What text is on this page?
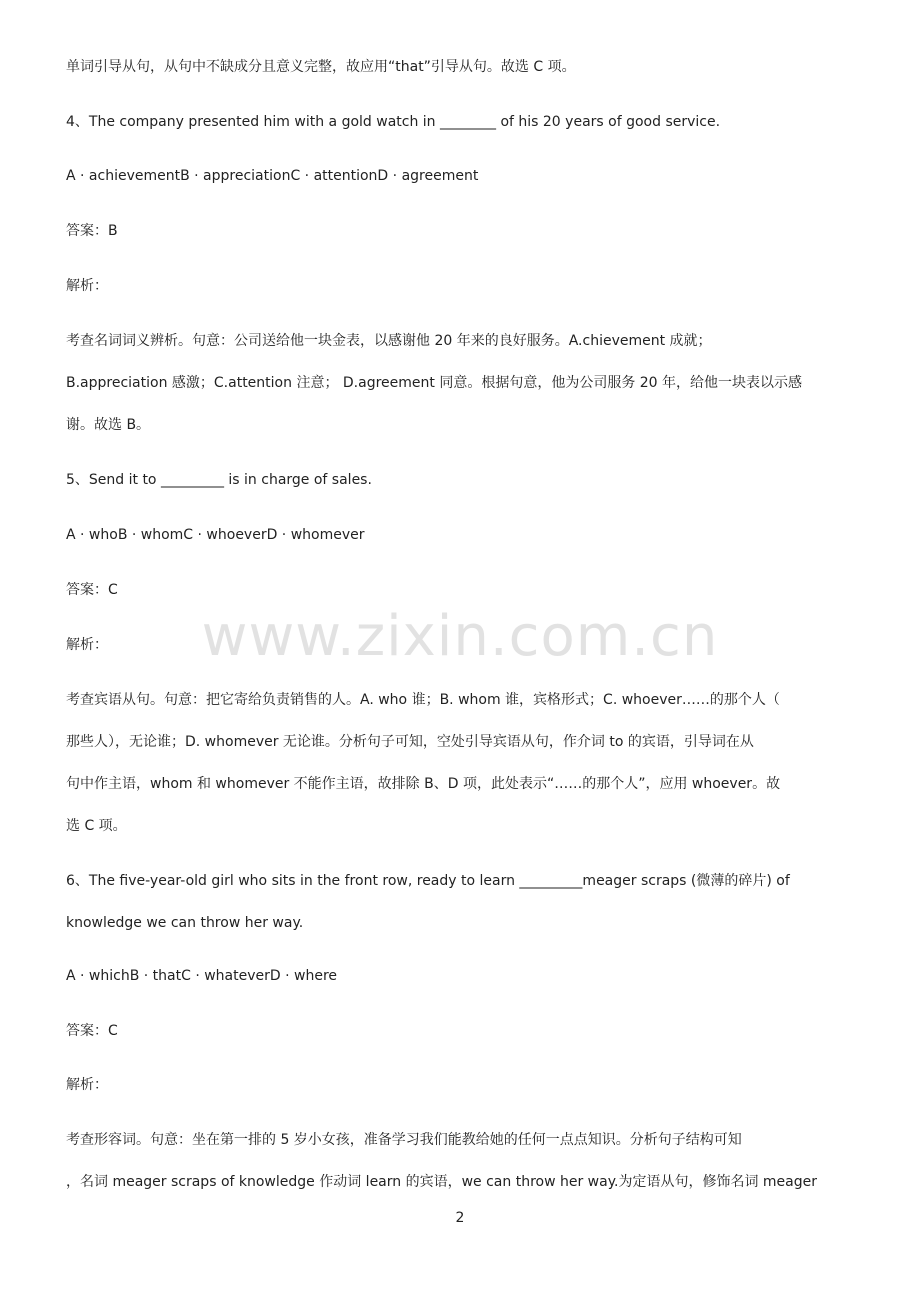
www.zixin.com.cn
单词引导从句，从句中不缺成分且意义完整，故应用“that”引导从句。故选 C 项。
4、The company presented him with a gold watch in ________ of his 20 years of good service.
A · achievementB · appreciationC · attentionD · agreement
答案：B
解析：
考查名词词义辨析。句意：公司送给他一块金表，以感谢他 20 年来的良好服务。A.chievement 成就；
B.appreciation 感激；C.attention 注意； D.agreement 同意。根据句意，他为公司服务 20 年，给他一块表以示感
谢。故选 B。
5、Send it to _________ is in charge of sales.
A · whoB · whomC · whoeverD · whomever
答案：C
解析：
考查宾语从句。句意：把它寄给负责销售的人。A. who 谁；B. whom 谁，宾格形式；C. whoever……的那个人（
那些人），无论谁；D. whomever 无论谁。分析句子可知，空处引导宾语从句，作介词 to 的宾语，引导词在从
句中作主语，whom 和 whomever 不能作主语，故排除 B、D 项，此处表示“……的那个人”，应用 whoever。故
选 C 项。
6、The five-year-old girl who sits in the front row, ready to learn _________meager scraps (微薄的碎片) of
knowledge we can throw her way.
A · whichB · thatC · whateverD · where
答案：C
解析：
考查形容词。句意：坐在第一排的 5 岁小女孩，准备学习我们能教给她的任何一点点知识。分析句子结构可知
，名词 meager scraps of knowledge 作动词 learn 的宾语，we can throw her way.为定语从句，修饰名词 meager
2
